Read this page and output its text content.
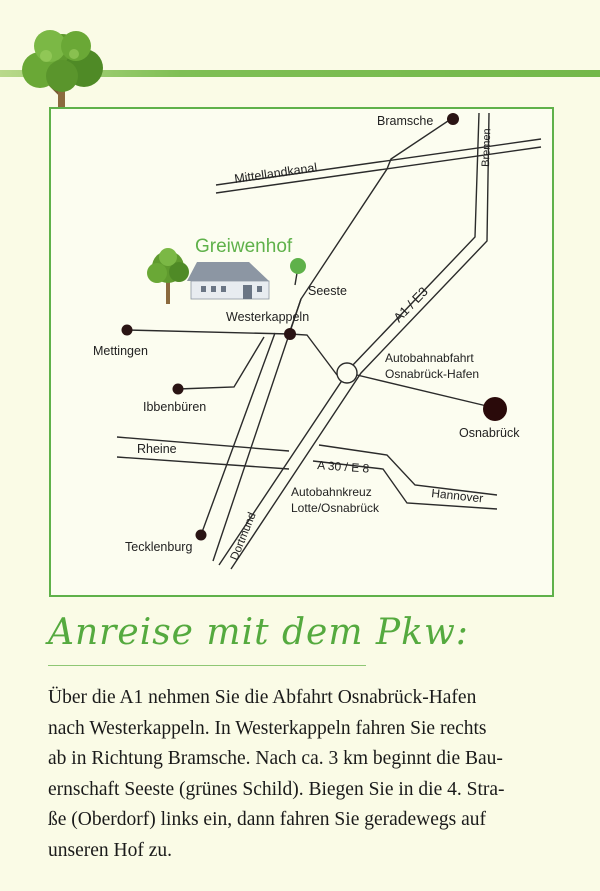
Bramsche
Bremen
Mittellandkanal
Greiwenhof
Seeste
Westerkappeln
Mettingen
Ibbenbüren
A1 / E3
Autobahnabfahrt
Osnabrück-Hafen
Osnabrück
Rheine
A 30 / E 8
Hannover
Autobahnkreuz
Lotte/Osnabrück
Tecklenburg	Dortmund
Anreise mit dem Pkw:
Über die A1 nehmen Sie die Abfahrt Osnabrück-Hafen
nach Westerkappeln. In Westerkappeln fahren Sie rechts
ab in Richtung Bramsche. Nach ca. 3 km beginnt die Bau-
ernschaft Seeste (grünes Schild). Biegen Sie in die 4. Stra-
ße (Oberdorf) links ein, dann fahren Sie geradewegs auf
unseren Hof zu.
